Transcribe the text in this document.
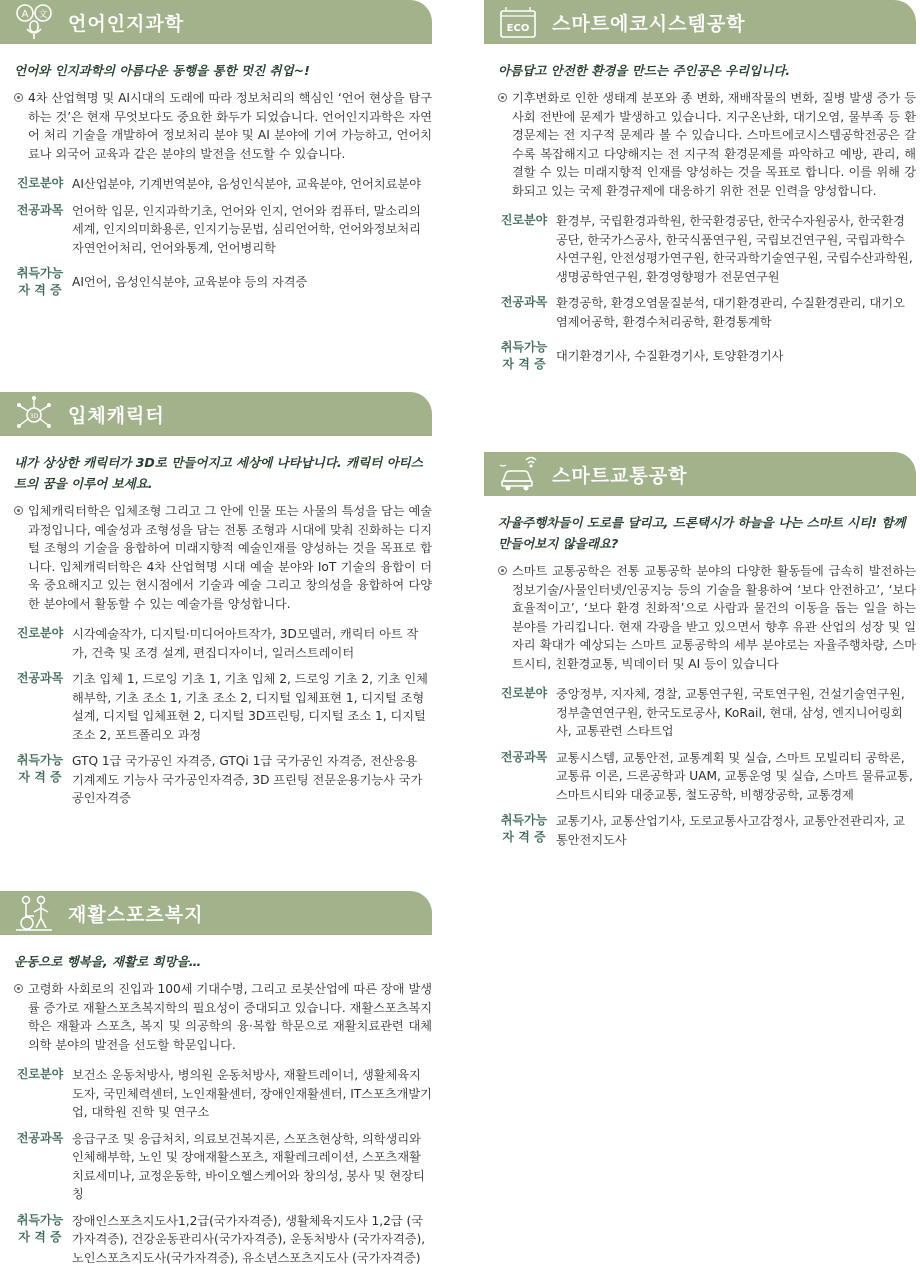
A 文 언어인지과학
언어와 인지과학의 아름다운 동행을 통한 멋진 취업~!
4차 산업혁명 및 AI시대의 도래에 따라 정보처리의 핵심인 ‘언어 현상을 탐구하는 것’은 현재 무엇보다도 중요한 화두가 되었습니다. 언어인지과학은 자연어 처리 기술을 개발하여 정보처리 분야 및 AI 분야에 기여 가능하고, 언어치료나 외국어 교육과 같은 분야의 발전을 선도할 수 있습니다.
진로분야 AI산업분야, 기계번역분야, 음성인식분야, 교육분야, 언어치료분야
전공과목 언어학 입문, 인지과학기초, 언어와 인지, 언어와 컴퓨터, 말소리의 세계, 인지의미화용론, 인지기능문법, 심리언어학, 언어와정보처리 자연언어처리, 언어와통계, 언어병리학
취득가능
자 격 증
AI언어, 음성인식분야, 교육분야 등의 자격증
3D 입체캐릭터
내가 상상한 캐릭터가 3D로 만들어지고 세상에 나타납니다. 캐릭터 아티스트의 꿈을 이루어 보세요.
입체캐릭터학은 입체조형 그리고 그 안에 인물 또는 사물의 특성을 담는 예술과정입니다, 예술성과 조형성을 담는 전통 조형과 시대에 맞춰 진화하는 디지털 조형의 기술을 융합하여 미래지향적 예술인재를 양성하는 것을 목표로 합니다. 입체캐릭터학은 4차 산업혁명 시대 예술 분야와 IoT 기술의 융합이 더욱 중요해지고 있는 현시점에서 기술과 예술 그리고 창의성을 융합하여 다양한 분야에서 활동할 수 있는 예술가를 양성합니다.
진로분야 시각예술작가, 디지털·미디어아트작가, 3D모델러, 캐릭터 아트 작가, 건축 및 조경 설계, 편집디자이너, 일러스트레이터
전공과목 기초 입체 1, 드로잉 기초 1, 기초 입체 2, 드로잉 기초 2, 기초 인체 해부학, 기초 조소 1, 기초 조소 2, 디지털 입체표현 1, 디지털 조형설계, 디지털 입체표현 2, 디지털 3D프린팅, 디지털 조소 1, 디지털 조소 2, 포트폴리오 과정
취득가능
자 격 증
GTQ 1급 국가공인 자격증, GTQi 1급 국가공인 자격증, 전산응용 기계제도 기능사 국가공인자격증, 3D 프린팅 전문운용기능사 국가공인자격증
재활스포츠복지
운동으로 행복을, 재활로 희망을…
고령화 사회로의 진입과 100세 기대수명, 그리고 로봇산업에 따른 장애 발생률 증가로 재활스포츠복지학의 필요성이 증대되고 있습니다. 재활스포츠복지학은 재활과 스포츠, 복지 및 의공학의 융·복합 학문으로 재활치료관련 대체의학 분야의 발전을 선도할 학문입니다.
진로분야 보건소 운동처방사, 병의원 운동처방사, 재활트레이너, 생활체육지도자, 국민체력센터, 노인재활센터, 장애인재활센터, IT스포츠개발기업, 대학원 진학 및 연구소
전공과목 응급구조 및 응급처치, 의료보건복지론, 스포츠현상학, 의학생리와 인체해부학, 노인 및 장애재활스포츠, 재활레크레이션, 스포츠재활 치료세미나, 교정운동학, 바이오헬스케어와 창의성, 봉사 및 현장티칭
취득가능
자 격 증
장애인스포츠지도사1,2급(국가자격증), 생활체육지도사 1,2급 (국가자격증), 건강운동관리사(국가자격증), 운동처방사 (국가자격증), 노인스포츠지도사(국가자격증), 유소년스포츠지도사 (국가자격증)
ECO 스마트에코시스템공학
아름답고 안전한 환경을 만드는 주인공은 우리입니다.
기후변화로 인한 생태계 분포와 종 변화, 재배작물의 변화, 질병 발생 증가 등 사회 전반에 문제가 발생하고 있습니다. 지구온난화, 대기오염, 물부족 등 환경문제는 전 지구적 문제라 볼 수 있습니다. 스마트에코시스템공학전공은 갈수록 복잡해지고 다양해지는 전 지구적 환경문제를 파악하고 예방, 관리, 해결할 수 있는 미래지향적 인재를 양성하는 것을 목표로 합니다. 이를 위해 강화되고 있는 국제 환경규제에 대응하기 위한 전문 인력을 양성합니다.
진로분야 환경부, 국립환경과학원, 한국환경공단, 한국수자원공사, 한국환경공단, 한국가스공사, 한국식품연구원, 국립보건연구원, 국립과학수사연구원, 안전성평가연구원, 한국과학기술연구원, 국립수산과학원, 생명공학연구원, 환경영향평가 전문연구원
전공과목 환경공학, 환경오염물질분석, 대기환경관리, 수질환경관리, 대기오염제어공학, 환경수처리공학, 환경통계학
취득가능
자 격 증
대기환경기사, 수질환경기사, 토양환경기사
스마트교통공학
자율주행차들이 도로를 달리고, 드론택시가 하늘을 나는 스마트 시티! 함께 만들어보지 않을래요?
스마트 교통공학은 전통 교통공학 분야의 다양한 활동들에 급속히 발전하는 정보기술/사물인터넷/인공지능 등의 기술을 활용하여 ‘보다 안전하고’, ‘보다 효율적이고’, ‘보다 환경 친화적’으로 사람과 물건의 이동을 돕는 일을 하는 분야를 가리킵니다. 현재 각광을 받고 있으면서 향후 유관 산업의 성장 및 일자리 확대가 예상되는 스마트 교통공학의 세부 분야로는 자율주행차량, 스마트시티, 친환경교통, 빅데이터 및 AI 등이 있습니다
진로분야 중앙정부, 지자체, 경찰, 교통연구원, 국토연구원, 건설기술연구원, 정부출연연구원, 한국도로공사, KoRail, 현대, 삼성, 엔지니어링회사, 교통관련 스타트업
전공과목 교통시스템, 교통안전, 교통계획 및 실습, 스마트 모빌리티 공학론, 교통류 이론, 드론공학과 UAM, 교통운영 및 실습, 스마트 물류교통, 스마트시티와 대중교통, 철도공학, 비행장공학, 교통경제
취득가능
자 격 증
교통기사, 교통산업기사, 도로교통사고감정사, 교통안전관리자, 교통안전지도사
